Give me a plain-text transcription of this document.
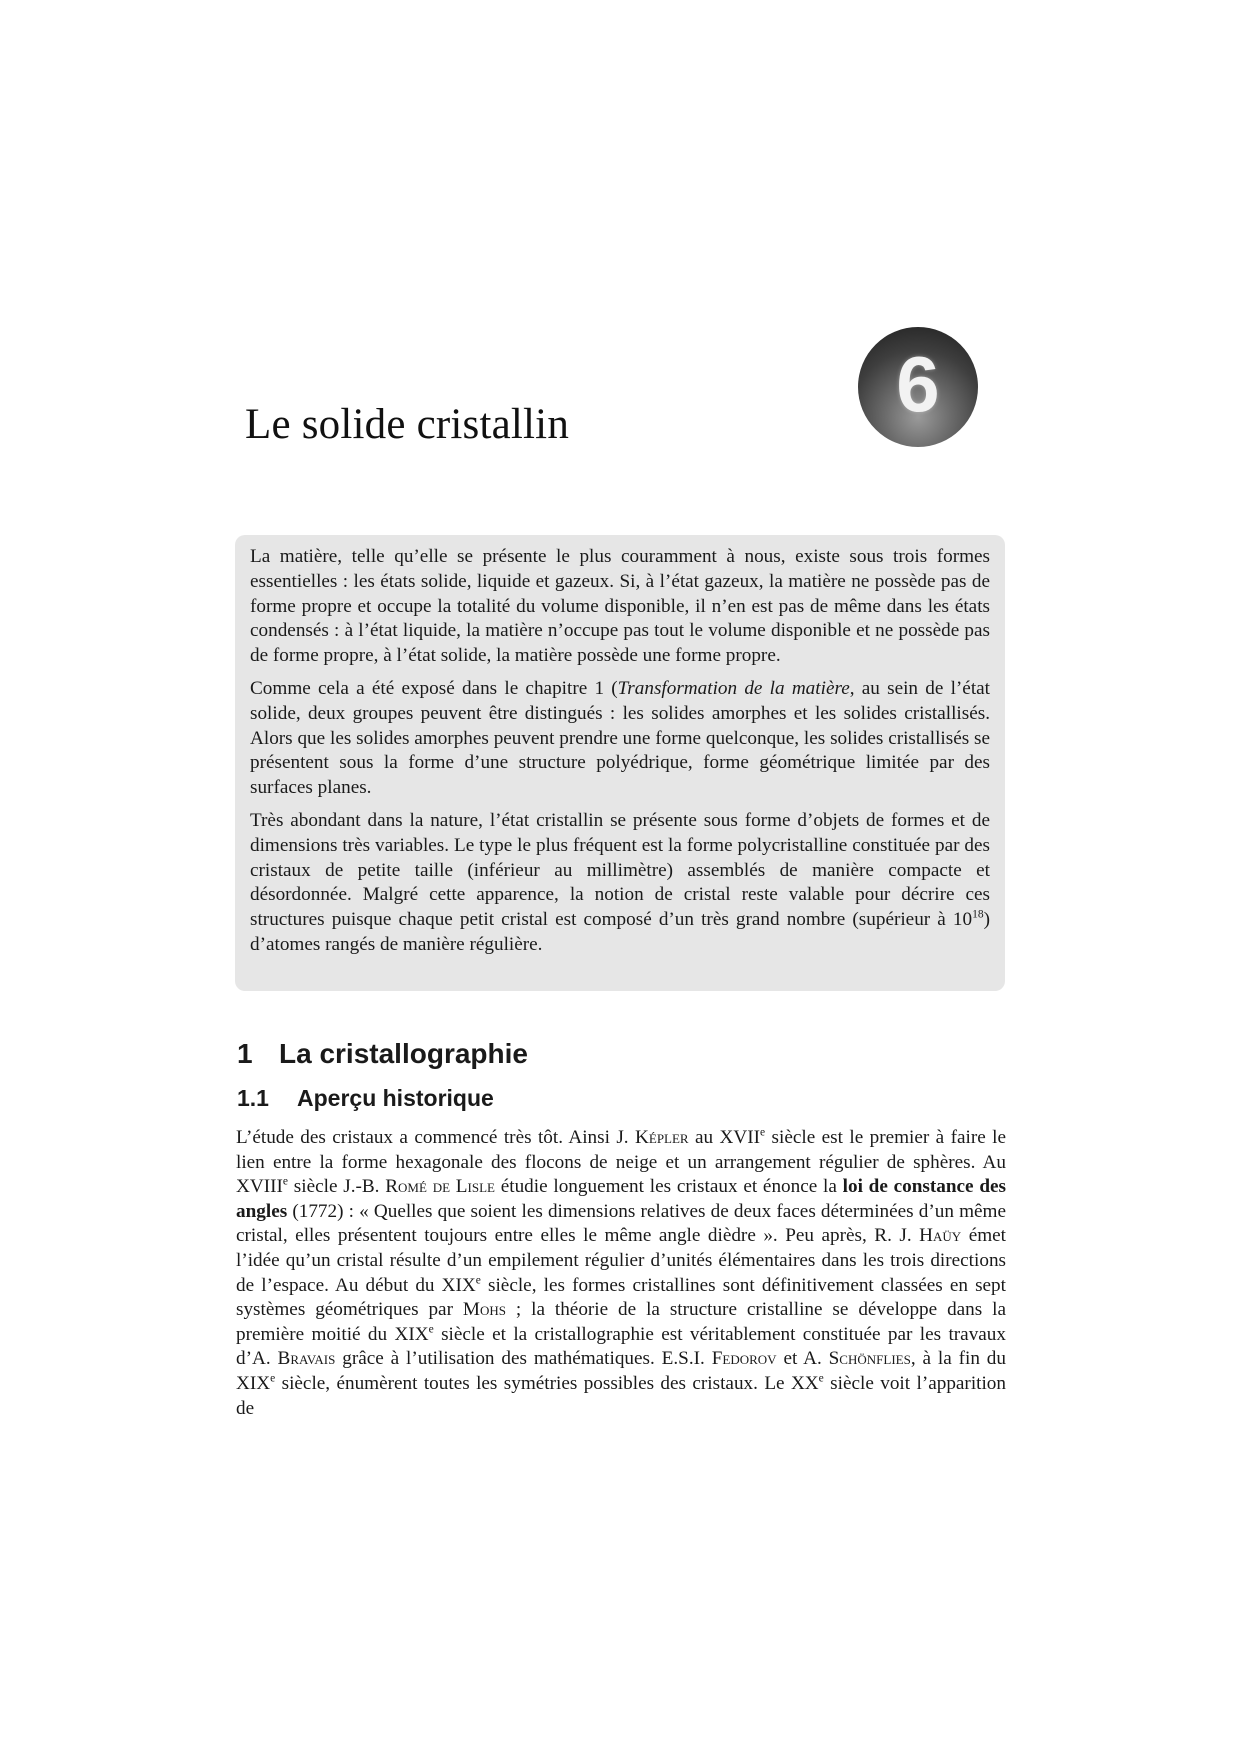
Le solide cristallin	6

La matière, telle qu’elle se présente le plus couramment à nous, existe sous trois formes essentielles : les états solide, liquide et gazeux. Si, à l’état gazeux, la matière ne possède pas de forme propre et occupe la totalité du volume disponible, il n’en est pas de même dans les états condensés : à l’état liquide, la matière n’occupe pas tout le volume disponible et ne possède pas de forme propre, à l’état solide, la matière possède une forme propre.

Comme cela a été exposé dans le chapitre 1 (Transformation de la matière, au sein de l’état solide, deux groupes peuvent être distingués : les solides amorphes et les solides cristallisés. Alors que les solides amorphes peuvent prendre une forme quelconque, les solides cristallisés se présentent sous la forme d’une structure polyédrique, forme géométrique limitée par des surfaces planes.

Très abondant dans la nature, l’état cristallin se présente sous forme d’objets de formes et de dimensions très variables. Le type le plus fréquent est la forme polycristalline constituée par des cristaux de petite taille (inférieur au millimètre) assemblés de manière compacte et désordonnée. Malgré cette apparence, la notion de cristal reste valable pour décrire ces structures puisque chaque petit cristal est composé d’un très grand nombre (supérieur à $10^{18}$) d’atomes rangés de manière régulière.

1 La cristallographie
1.1 Aperçu historique

L’étude des cristaux a commencé très tôt. Ainsi J. Képler au XVIIe siècle est le premier à faire le lien entre la forme hexagonale des flocons de neige et un arrangement régulier de sphères. Au XVIIIe siècle J.-B. Romé de Lisle étudie longuement les cristaux et énonce la loi de constance des angles (1772) : « Quelles que soient les dimensions relatives de deux faces déterminées d’un même cristal, elles présentent toujours entre elles le même angle dièdre ». Peu après, R. J. Haüy émet l’idée qu’un cristal résulte d’un empilement régulier d’unités élémentaires dans les trois directions de l’espace. Au début du XIXe siècle, les formes cristallines sont définitivement classées en sept systèmes géométriques par Mohs ; la théorie de la structure cristalline se développe dans la première moitié du XIXe siècle et la cristallographie est véritablement constituée par les travaux d’A. Bravais grâce à l’utilisation des mathématiques. E.S.I. Fedorov et A. Schönflies, à la fin du XIXe siècle, énumèrent toutes les symétries possibles des cristaux. Le XXe siècle voit l’apparition de
